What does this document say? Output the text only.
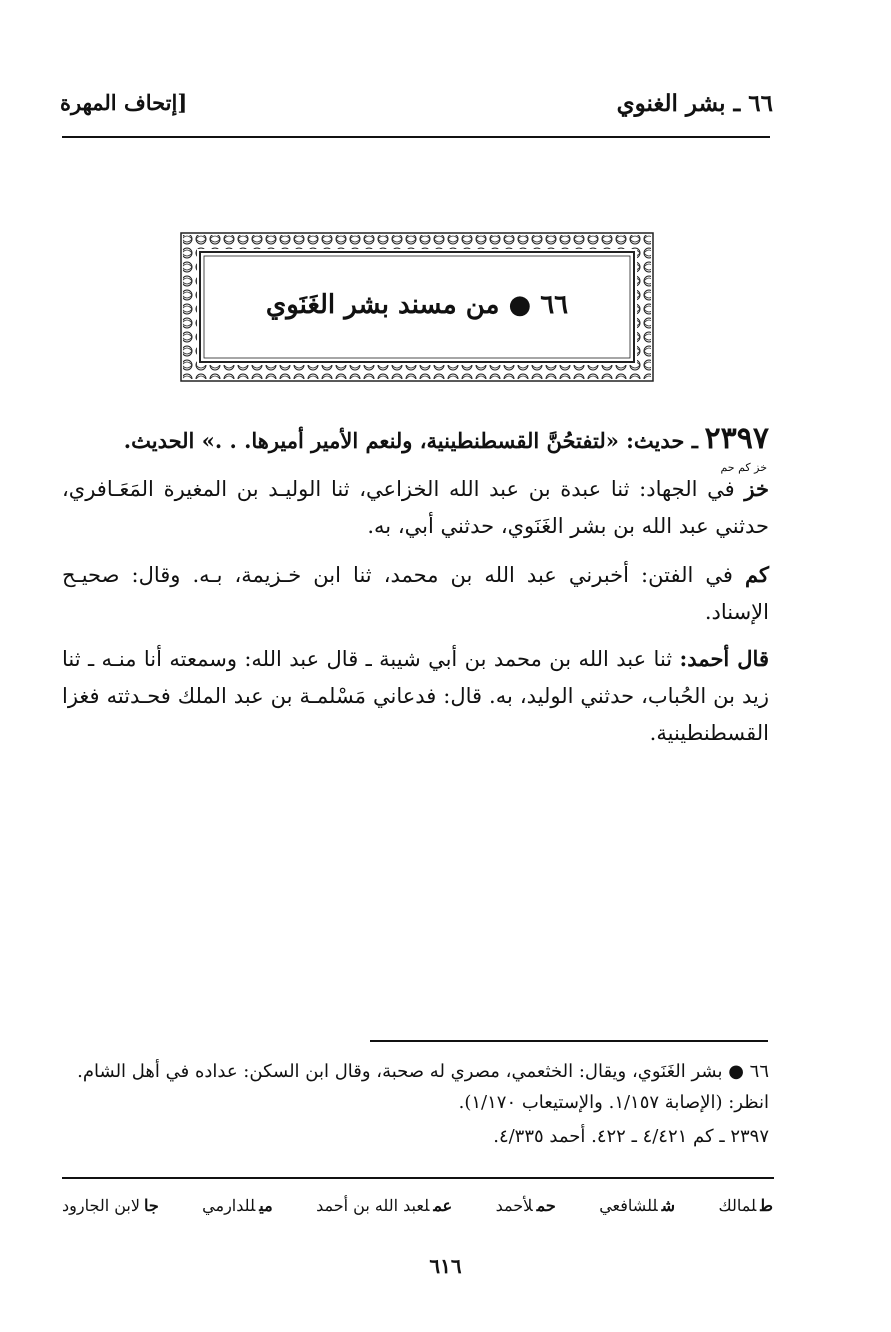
٦٦ ـ بشر الغنوي
[إتحاف المهرة
٦٦ ● من مسند بشر الغَنَوي
٢٣٩٧ ـ حديث: «لتفتحُنَّ القسطنطينية، ولنعم الأمير أميرها. . .» الحديث.
خز كم حم
خز في الجهاد: ثنا عبدة بن عبد الله الخزاعي، ثنا الوليـد بن المغيرة المَعَـافري، حدثني عبد الله بن بشر الغَنَوي، حدثني أبي، به.
كم في الفتن: أخبرني عبد الله بن محمد، ثنا ابن خـزيمة، بـه. وقال: صحيـح الإسناد.
قال أحمد: ثنا عبد الله بن محمد بن أبي شيبة ـ قال عبد الله: وسمعته أنا منـه ـ ثنا زيد بن الحُباب، حدثني الوليد، به. قال: فدعاني مَسْلمـة بن عبد الملك فحـدثته فغزا القسطنطينية.
٦٦ ● بشر الغَنَوي، ويقال: الخثعمي، مصري له صحبة، وقال ابن السكن: عداده في أهل الشام. انظر: (الإصابة ١/١٥٧. والإستيعاب ١/١٧٠).
٢٣٩٧ ـ كم ٤/٤٢١ ـ ٤٢٢. أحمد ٤/٣٣٥.
طلمالك
شللشافعي
حملأحمد
عملعبد الله بن أحمد
ميللدارمي
جالابن الجارود
٦١٦
